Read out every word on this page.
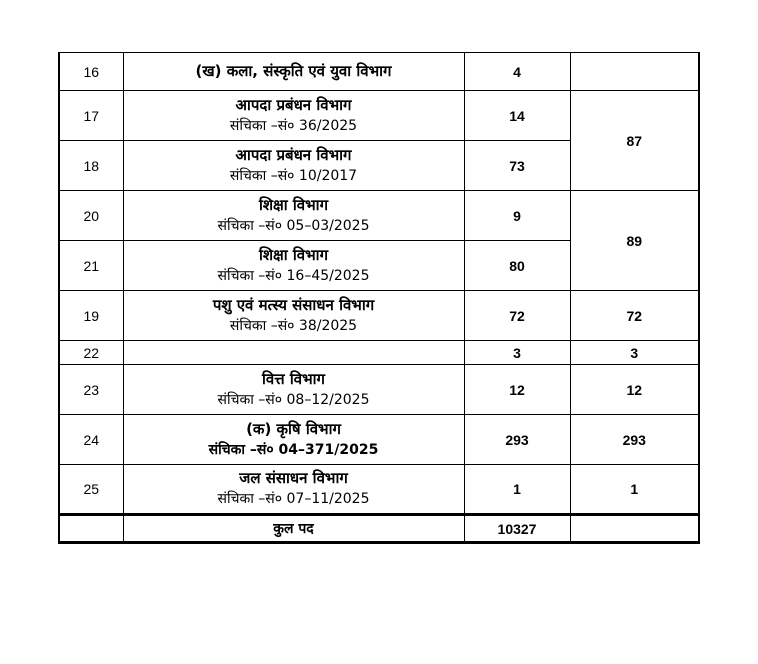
16	(ख) कला, संस्कृति एवं युवा विभाग	4	
17	आपदा प्रबंधन विभाग
संचिका –सं० 36/2025	14	87
18	आपदा प्रबंधन विभाग
संचिका –सं० 10/2017	73	
20	शिक्षा विभाग
संचिका –सं० 05–03/2025	9	89
21	शिक्षा विभाग
संचिका –सं० 16–45/2025	80	
19	पशु एवं मत्स्य संसाधन विभाग
संचिका –सं० 38/2025	72	72
22		3	3
23	वित्त विभाग
संचिका –सं० 08–12/2025	12	12
24	(क) कृषि विभाग
संचिका –सं० 04–371/2025	293	293
25	जल संसाधन विभाग
संचिका –सं० 07–11/2025	1	1
	कुल पद	10327	
